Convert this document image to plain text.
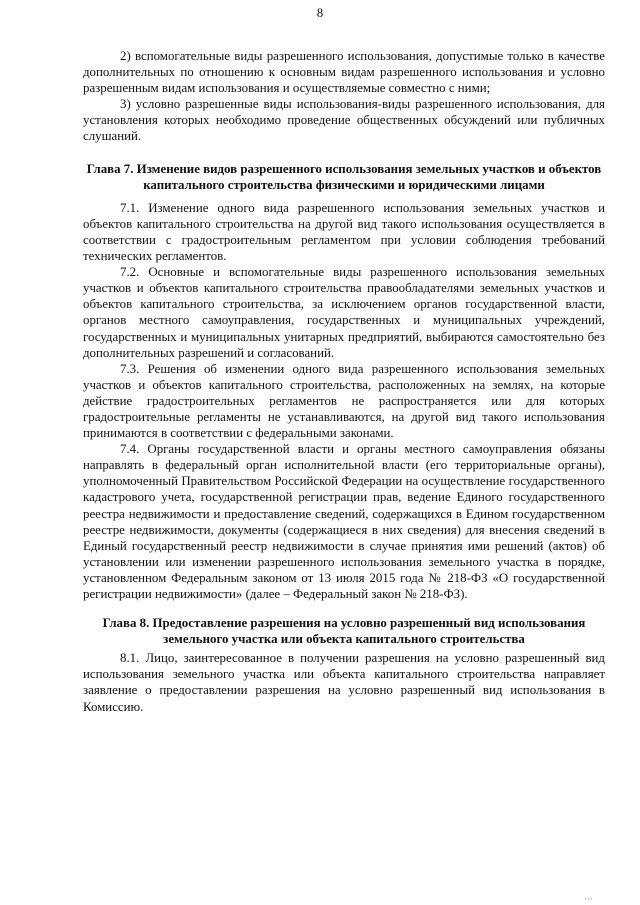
8

2) вспомогательные виды разрешенного использования, допустимые только в качестве дополнительных по отношению к основным видам разрешенного использования и условно разрешенным видам использования и осуществляемые совместно с ними;

3) условно разрешенные виды использования-виды разрешенного использования, для установления которых необходимо проведение общественных обсуждений или публичных слушаний.

Глава 7. Изменение видов разрешенного использования земельных участков и объектов капитального строительства физическими и юридическими лицами

7.1. Изменение одного вида разрешенного использования земельных участков и объектов капитального строительства на другой вид такого использования осуществляется в соответствии с градостроительным регламентом при условии соблюдения требований технических регламентов.

7.2. Основные и вспомогательные виды разрешенного использования земельных участков и объектов капитального строительства правообладателями земельных участков и объектов капитального строительства, за исключением органов государственной власти, органов местного самоуправления, государственных и муниципальных учреждений, государственных и муниципальных унитарных предприятий, выбираются самостоятельно без дополнительных разрешений и согласований.

7.3. Решения об изменении одного вида разрешенного использования земельных участков и объектов капитального строительства, расположенных на землях, на которые действие градостроительных регламентов не распространяется или для которых градостроительные регламенты не устанавливаются, на другой вид такого использования принимаются в соответствии с федеральными законами.

7.4. Органы государственной власти и органы местного самоуправления обязаны направлять в федеральный орган исполнительной власти (его территориальные органы), уполномоченный Правительством Российской Федерации на осуществление государственного кадастрового учета, государственной регистрации прав, ведение Единого государственного реестра недвижимости и предоставление сведений, содержащихся в Едином государственном реестре недвижимости, документы (содержащиеся в них сведения) для внесения сведений в Единый государственный реестр недвижимости в случае принятия ими решений (актов) об установлении или изменении разрешенного использования земельного участка в порядке, установленном Федеральным законом от 13 июля 2015 года № 218-ФЗ «О государственной регистрации недвижимости» (далее – Федеральный закон № 218-ФЗ).

Глава 8. Предоставление разрешения на условно разрешенный вид использования земельного участка или объекта капитального строительства

8.1. Лицо, заинтересованное в получении разрешения на условно разрешенный вид использования земельного участка или объекта капитального строительства направляет заявление о предоставлении разрешения на условно разрешенный вид использования в Комиссию.

' ' '
